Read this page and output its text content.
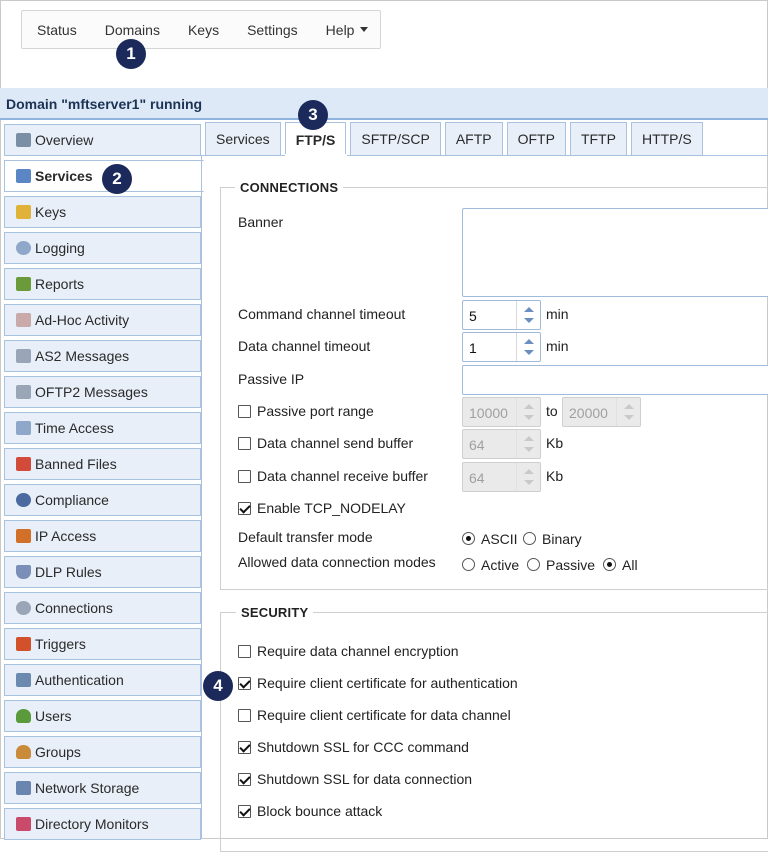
Status Domains Keys Settings Help
1
2
3
4
Domain "mftserver1" running
Overview
Services
Keys
Logging
Reports
Ad-Hoc Activity
AS2 Messages
OFTP2 Messages
Time Access
Banned Files
Compliance
IP Access
DLP Rules
Connections
Triggers
Authentication
Users
Groups
Network Storage
Directory Monitors
Services FTP/S SFTP/SCP AFTP OFTP TFTP HTTP/S
CONNECTIONS
Banner
Command channel timeout	5	min
Data channel timeout	1	min
Passive IP
Passive port range	10000	to 20000
Data channel send buffer	64	Kb
Data channel receive buffer	64	Kb
Enable TCP_NODELAY
Default transfer mode	ASCII Binary
Allowed data connection modes	Active Passive All
SECURITY
Require data channel encryption
Require client certificate for authentication
Require client certificate for data channel
Shutdown SSL for CCC command
Shutdown SSL for data connection
Block bounce attack
